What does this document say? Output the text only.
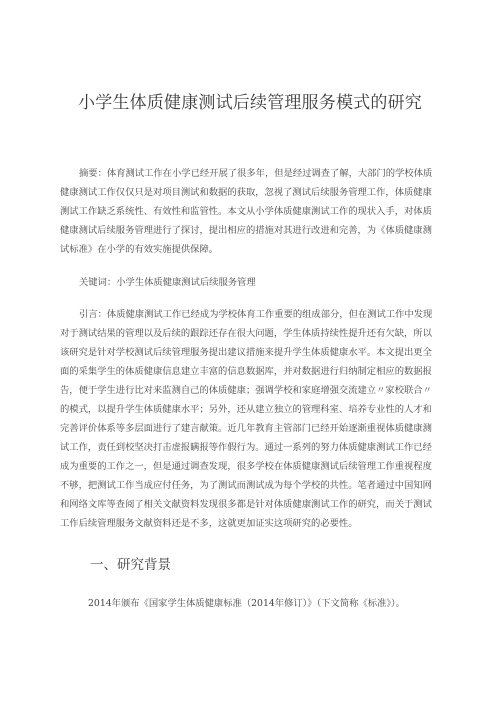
小学生体质健康测试后续管理服务模式的研究
摘要：体育测试工作在小学已经开展了很多年，但是经过调查了解，大部门的学校体质
健康测试工作仅仅只是对项目测试和数据的获取，忽视了测试后续服务管理工作，体质健康
测试工作缺乏系统性、有效性和监管性。本文从小学体质健康测试工作的现状入手，对体质
健康测试后续服务管理进行了探讨，提出相应的措施对其进行改进和完善，为《体质健康测
试标准》在小学的有效实施提供保障。
关键词：小学生体质健康测试后续服务管理
引言：体质健康测试工作已经成为学校体育工作重要的组成部分，但在测试工作中发现
对于测试结果的管理以及后续的跟踪还存在很大问题，学生体质持续性提升还有欠缺，所以
该研究是针对学校测试后续管理服务提出建议措施来提升学生体质健康水平。本文提出更全
面的采集学生的体质健康信息建立丰富的信息数据库，并对数据进行归纳制定相应的数据报
告，便于学生进行比对来监测自己的体质健康；强调学校和家庭增强交流建立〃家校联合〃
的模式，以提升学生体质健康水平；另外，还从建立独立的管理科室、培养专业性的人才和
完善评价体系等多层面进行了建言献策。近几年教育主管部门已经开始逐渐重视体质健康测
试工作，责任到校坚决打击虚报瞒报等作假行为。通过一系列的努力体质健康测试工作已经
成为重要的工作之一，但是通过调查发现，很多学校在体质健康测试后续管理工作重视程度
不够，把测试工作当成应付任务，为了测试而测试成为每个学校的共性。笔者通过中国知网
和网络文库等查阅了相关文献资料发现很多都是针对体质健康测试工作的研究，而关于测试
工作后续管理服务文献资料还是不多，这就更加证实这项研究的必要性。
一、研究背景
2014年颁布《国家学生体质健康标准（2014年修订）》（下文简称《标准》）。
